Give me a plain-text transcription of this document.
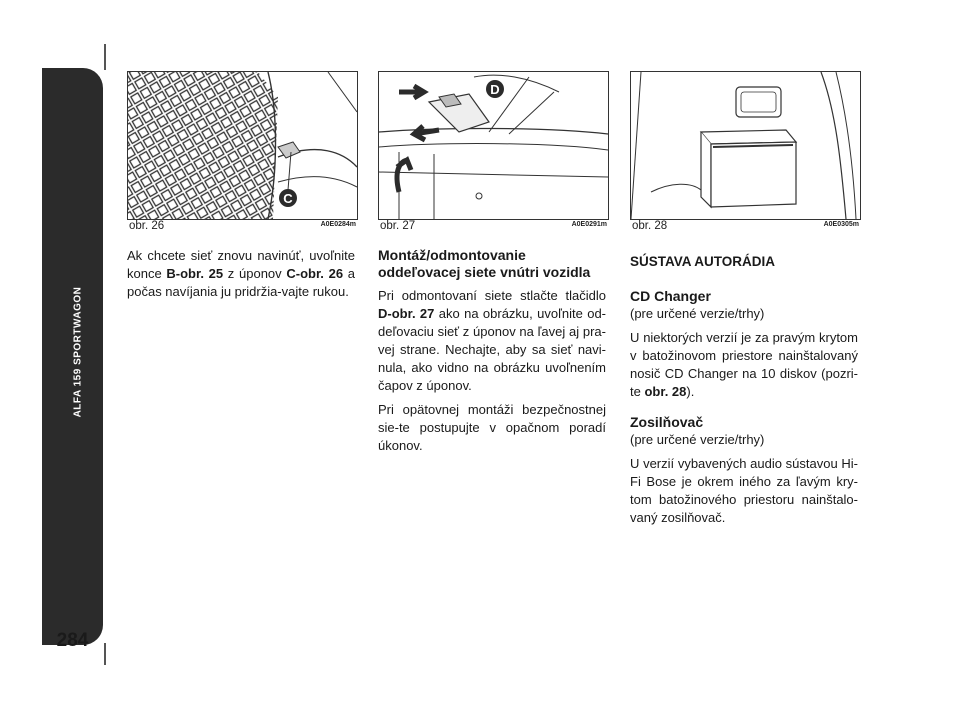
ALFA 159 SPORTWAGON
284
C
obr. 26	A0E0284m
D
obr. 27	A0E0291m obr. 28	A0E0305m

Ak chcete sieť znovu navinúť, uvoľnite konce B-obr. 25 z úponov C-obr. 26 a počas navíjania ju pridržia-vajte rukou.

Montáž/odmontovanie oddeľovacej siete vnútri vozidla

Pri odmontovaní siete stlačte tlačidlo D-obr. 27 ako na obrázku, uvoľnite od-deľovaciu sieť z úponov na ľavej aj pra-vej strane. Nechajte, aby sa sieť navi-nula, ako vidno na obrázku uvoľnením čapov z úponov.

Pri opätovnej montáži bezpečnostnej sie-te postupujte v opačnom poradí úkonov.

SÚSTAVA AUTORÁDIA
CD Changer
(pre určené verzie/trhy)

U niektorých verzií je za pravým krytom v batožinovom priestore nainštalovaný nosič CD Changer na 10 diskov (pozri-te obr. 28).

Zosilňovač
(pre určené verzie/trhy)

U verzií vybavených audio sústavou Hi-Fi Bose je okrem iného za ľavým kry-tom batožinového priestoru nainštalo-vaný zosilňovač.
